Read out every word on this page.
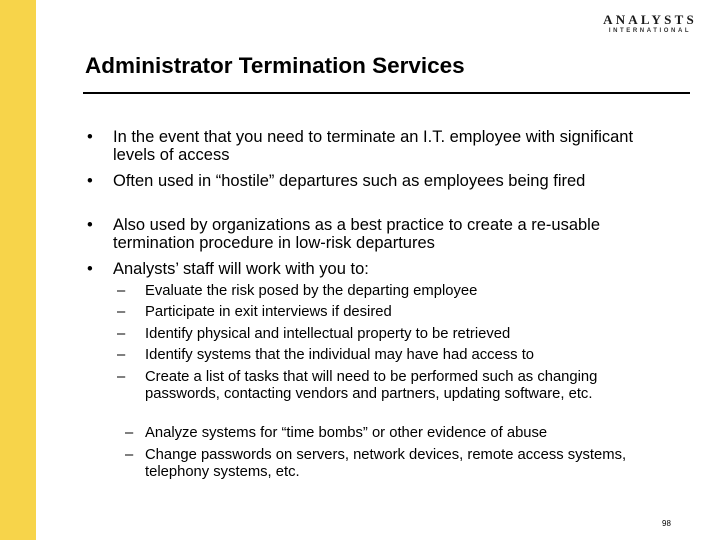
ANALYSTS
INTERNATIONAL
Administrator Termination Services
• In the event that you need to terminate an I.T. employee with significant levels of access
• Often used in “hostile” departures such as employees being fired
• Also used by organizations as a best practice to create a re-usable termination procedure in low-risk departures
• Analysts’ staff will work with you to:
– Evaluate the risk posed by the departing employee
– Participate in exit interviews if desired
– Identify physical and intellectual property to be retrieved
– Identify systems that the individual may have had access to
– Create a list of tasks that will need to be performed such as changing passwords, contacting vendors and partners, updating software, etc.
– Analyze systems for “time bombs” or other evidence of abuse
– Change passwords on servers, network devices, remote access systems, telephony systems, etc.
98
